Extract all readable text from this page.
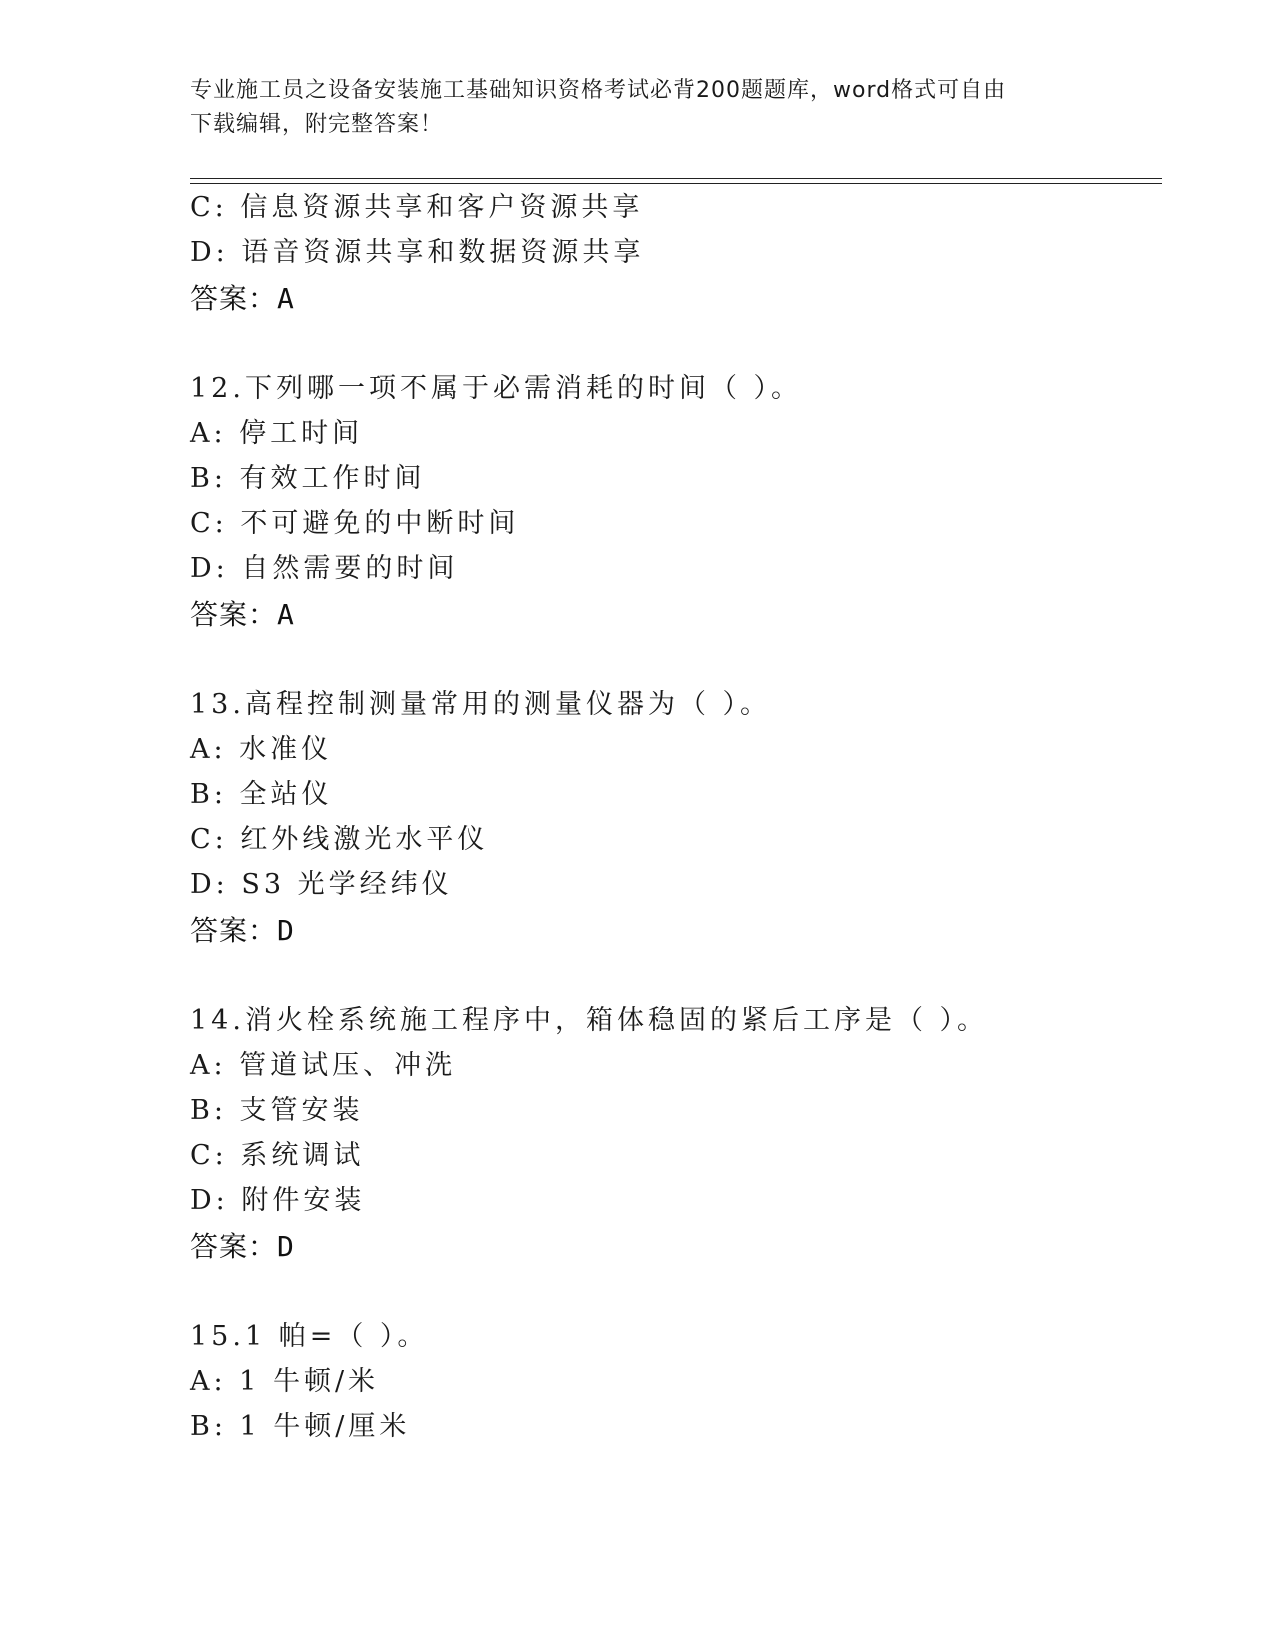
专业施工员之设备安装施工基础知识资格考试必背200题题库，word格式可自由
下载编辑，附完整答案！
C: 信息资源共享和客户资源共享
D: 语音资源共享和数据资源共享
答案：A
12.下列哪一项不属于必需消耗的时间（ ）。
A: 停工时间
B: 有效工作时间
C: 不可避免的中断时间
D: 自然需要的时间
答案：A
13.高程控制测量常用的测量仪器为（ ）。
A: 水准仪
B: 全站仪
C: 红外线激光水平仪
D: S3 光学经纬仪
答案：D
14.消火栓系统施工程序中，箱体稳固的紧后工序是（ ）。
A: 管道试压、冲洗
B: 支管安装
C: 系统调试
D: 附件安装
答案：D
15.1 帕=（ ）。
A: 1 牛顿/米
B: 1 牛顿/厘米
